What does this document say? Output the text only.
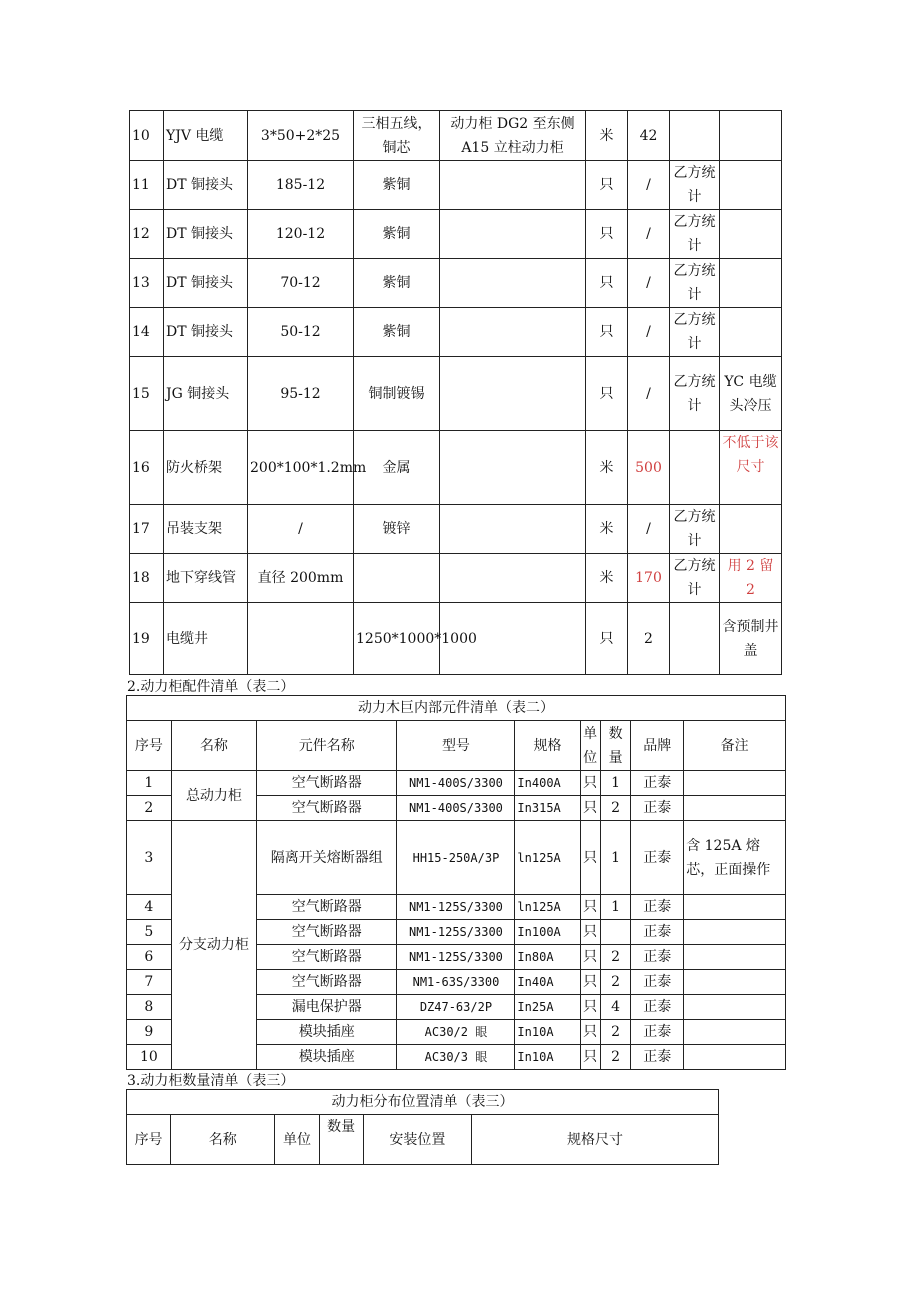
10	YJV 电缆	3*50+2*25	三相五线，铜芯	动力柜 DG2 至东侧 A15 立柱动力柜	米	42		
11	DT 铜接头	185-12	紫铜		只	/	乙方统计	
12	DT 铜接头	120-12	紫铜		只	/	乙方统计	
13	DT 铜接头	70-12	紫铜		只	/	乙方统计	
14	DT 铜接头	50-12	紫铜		只	/	乙方统计	
15	JG 铜接头	95-12	铜制镀锡		只	/	乙方统计	YC 电缆头冷压
16	防火桥架	200*100*1.2mm	金属		米	500		不低于该尺寸
17	吊装支架	/	镀锌		米	/	乙方统计	
18	地下穿线管	直径 200mm			米	170	乙方统计	用 2 留 2
19	电缆井		1250*1000*1000		只	2		含预制井盖
2.动力柜配件清单（表二）
动力木巨内部元件清单（表二）								
序号	名称	元件名称	型号	规格	单位	数量	品牌	备注
1	总动力柜	空气断路器	NM1-400S/3300	In400A	只	1	正泰	
2		空气断路器	NM1-400S/3300	In315A	只	2	正泰	
3	分支动力柜	隔离开关熔断器组	HH15-250A/3P	ln125A	只	1	正泰	含 125A 熔芯，正面操作
4		空气断路器	NM1-125S/3300	ln125A	只	1	正泰	
5		空气断路器	NM1-125S/3300	In100A	只		正泰	
6		空气断路器	NM1-125S/3300	In80A	只	2	正泰	
7		空气断路器	NM1-63S/3300	In40A	只	2	正泰	
8		漏电保护器	DZ47-63/2P	In25A	只	4	正泰	
9		模块插座	AC30/2 眼	In10A	只	2	正泰	
10		模块插座	AC30/3 眼	In10A	只	2	正泰	
3.动力柜数量清单（表三）
动力柜分布位置清单（表三）
序号	名称	单位	数量	安装位置	规格尺寸
